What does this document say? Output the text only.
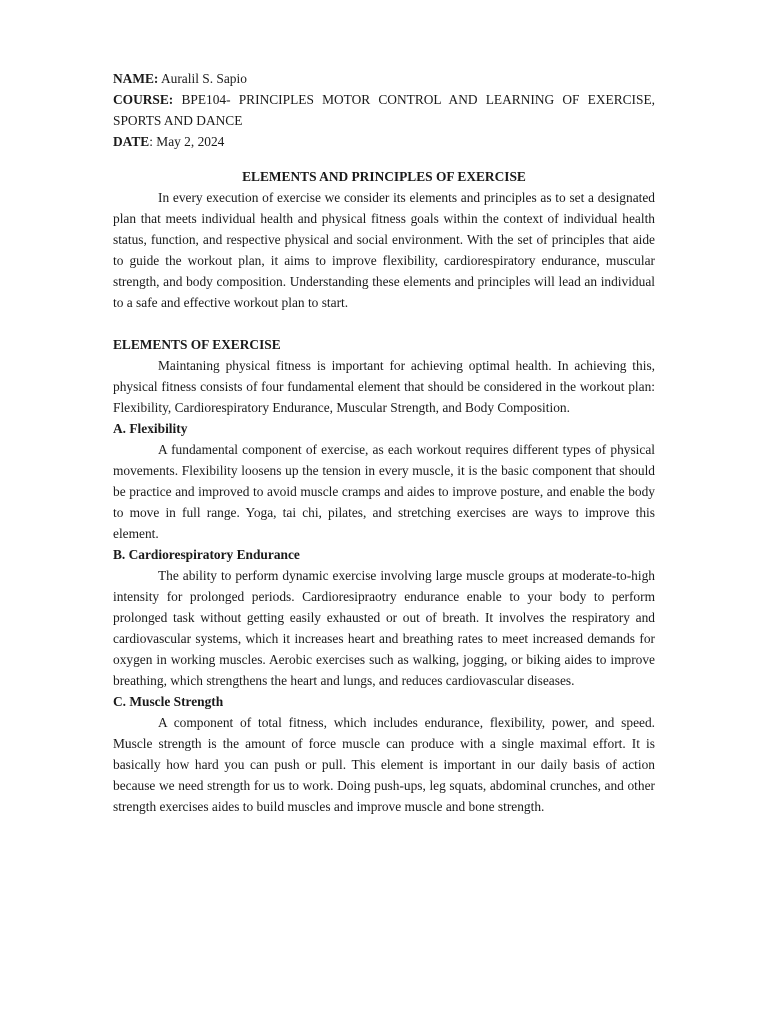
NAME: Auralil S. Sapio

COURSE: BPE104- PRINCIPLES MOTOR CONTROL AND LEARNING OF EXERCISE, SPORTS AND DANCE

DATE: May 2, 2024

ELEMENTS AND PRINCIPLES OF EXERCISE

In every execution of exercise we consider its elements and principles as to set a designated plan that meets individual health and physical fitness goals within the context of individual health status, function, and respective physical and social environment. With the set of principles that aide to guide the workout plan, it aims to improve flexibility, cardiorespiratory endurance, muscular strength, and body composition. Understanding these elements and principles will lead an individual to a safe and effective workout plan to start.

ELEMENTS OF EXERCISE

Maintaning physical fitness is important for achieving optimal health. In achieving this, physical fitness consists of four fundamental element that should be considered in the workout plan: Flexibility, Cardiorespiratory Endurance, Muscular Strength, and Body Composition.

A. Flexibility

A fundamental component of exercise, as each workout requires different types of physical movements. Flexibility loosens up the tension in every muscle, it is the basic component that should be practice and improved to avoid muscle cramps and aides to improve posture, and enable the body to move in full range. Yoga, tai chi, pilates, and stretching exercises are ways to improve this element.

B. Cardiorespiratory Endurance

The ability to perform dynamic exercise involving large muscle groups at moderate-to-high intensity for prolonged periods. Cardioresipraotry endurance enable to your body to perform prolonged task without getting easily exhausted or out of breath. It involves the respiratory and cardiovascular systems, which it increases heart and breathing rates to meet increased demands for oxygen in working muscles. Aerobic exercises such as walking, jogging, or biking aides to improve breathing, which strengthens the heart and lungs, and reduces cardiovascular diseases.

C. Muscle Strength

A component of total fitness, which includes endurance, flexibility, power, and speed. Muscle strength is the amount of force muscle can produce with a single maximal effort. It is basically how hard you can push or pull. This element is important in our daily basis of action because we need strength for us to work. Doing push-ups, leg squats, abdominal crunches, and other strength exercises aides to build muscles and improve muscle and bone strength.
